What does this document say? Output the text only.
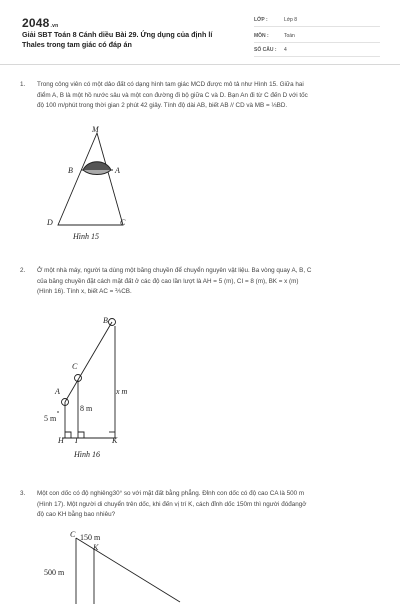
2048.vn
Giải SBT Toán 8 Cánh diều Bài 29. Ứng dụng của định lí Thales trong tam giác có đáp án
LỚP :	Lớp 8
MÔN :	Toán
SỐ CÂU : 4
1. Trong công viên có một dảo đất có dạng hình tam giác MCD được mô tả như Hình 15. Giữa hai
điểm A, B là một hồ nước sâu và một con đường đi bộ giữa C và D. Bạn An đi từ C đến D với tốc
độ 100 m/phút trong thời gian 2 phút 42 giây. Tính độ dài AB, biết AB // CD và MB = ⅓BD.
M
B	A
D	C
Hình 15
2. Ở một nhà máy, người ta dùng một băng chuyền để chuyển nguyên vật liệu. Ba vòng quay A, B, C
của băng chuyền đặt cách mặt đất ở các độ cao lần lượt là AH = 5 (m), CI = 8 (m), BK = x (m)
(Hình 16). Tính x, biết AC = ⅖CB.
B
C
A	x m
8 m
5 m
H I	K
Hình 16
3. Một con dốc có độ nghiêng30° so với mặt đất bằng phẳng. Đỉnh con dốc có độ cao CA là 500 m
(Hình 17). Một người di chuyển trên dốc, khi đến vị trí K, cách đỉnh dốc 150m thì người đóđangở
độ cao KH bằng bao nhiêu?
C 150 m
K
500 m
